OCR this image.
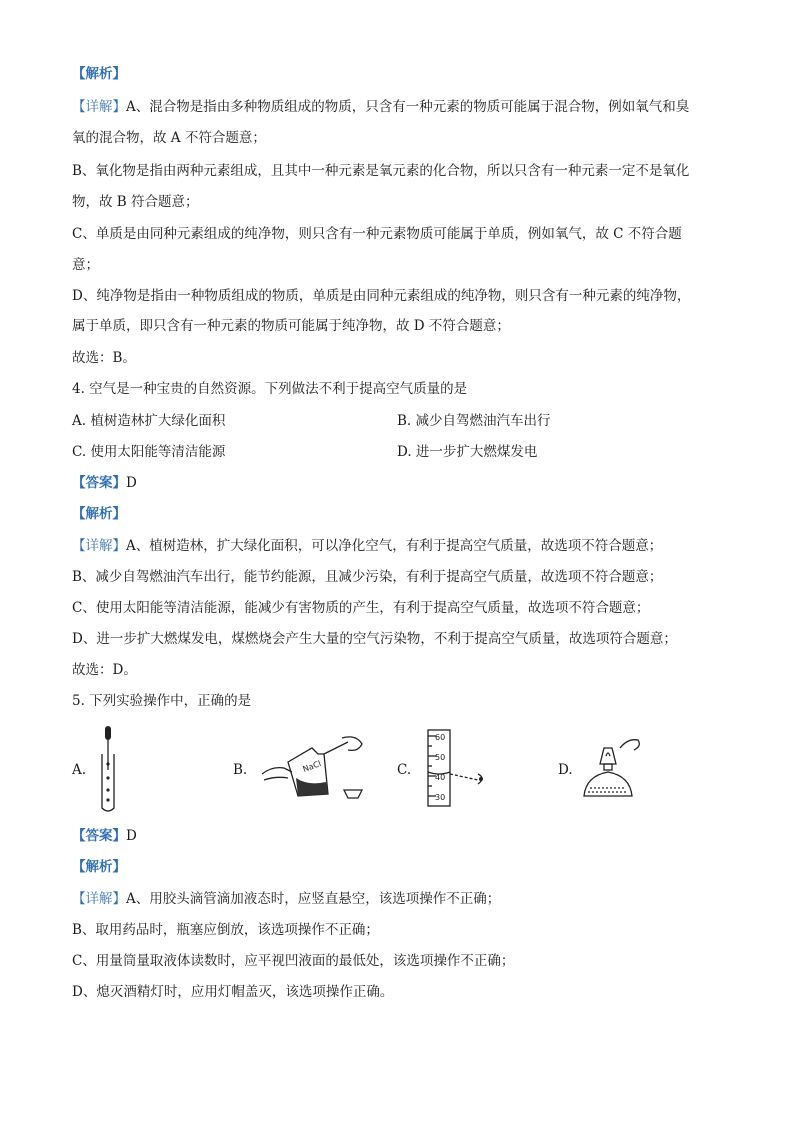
【解析】
【详解】A、混合物是指由多种物质组成的物质，只含有一种元素的物质可能属于混合物，例如氧气和臭
氧的混合物，故 A 不符合题意；
B、氧化物是指由两种元素组成，且其中一种元素是氧元素的化合物，所以只含有一种元素一定不是氧化
物，故 B 符合题意；
C、单质是由同种元素组成的纯净物，则只含有一种元素物质可能属于单质，例如氧气，故 C 不符合题
意；
D、纯净物是指由一种物质组成的物质，单质是由同种元素组成的纯净物，则只含有一种元素的纯净物，
属于单质，即只含有一种元素的物质可能属于纯净物，故 D 不符合题意；
故选：B。
4. 空气是一种宝贵的自然资源。下列做法不利于提高空气质量的是
A. 植树造林扩大绿化面积	B. 减少自驾燃油汽车出行
C. 使用太阳能等清洁能源	D. 进一步扩大燃煤发电
【答案】D
【解析】
【详解】A、植树造林，扩大绿化面积，可以净化空气，有利于提高空气质量，故选项不符合题意；
B、减少自驾燃油汽车出行，能节约能源，且减少污染，有利于提高空气质量，故选项不符合题意；
C、使用太阳能等清洁能源，能减少有害物质的产生，有利于提高空气质量，故选项不符合题意；
D、进一步扩大燃煤发电，煤燃烧会产生大量的空气污染物，不利于提高空气质量，故选项符合题意；
故选：D。
5. 下列实验操作中，正确的是
A.	B.	C.	D.
NaCl
60
50
40
30
【答案】D
【解析】
【详解】A、用胶头滴管滴加液态时，应竖直悬空，该选项操作不正确；
B、取用药品时，瓶塞应倒放，该选项操作不正确；
C、用量筒量取液体读数时，应平视凹液面的最低处，该选项操作不正确；
D、熄灭酒精灯时，应用灯帽盖灭，该选项操作正确。
